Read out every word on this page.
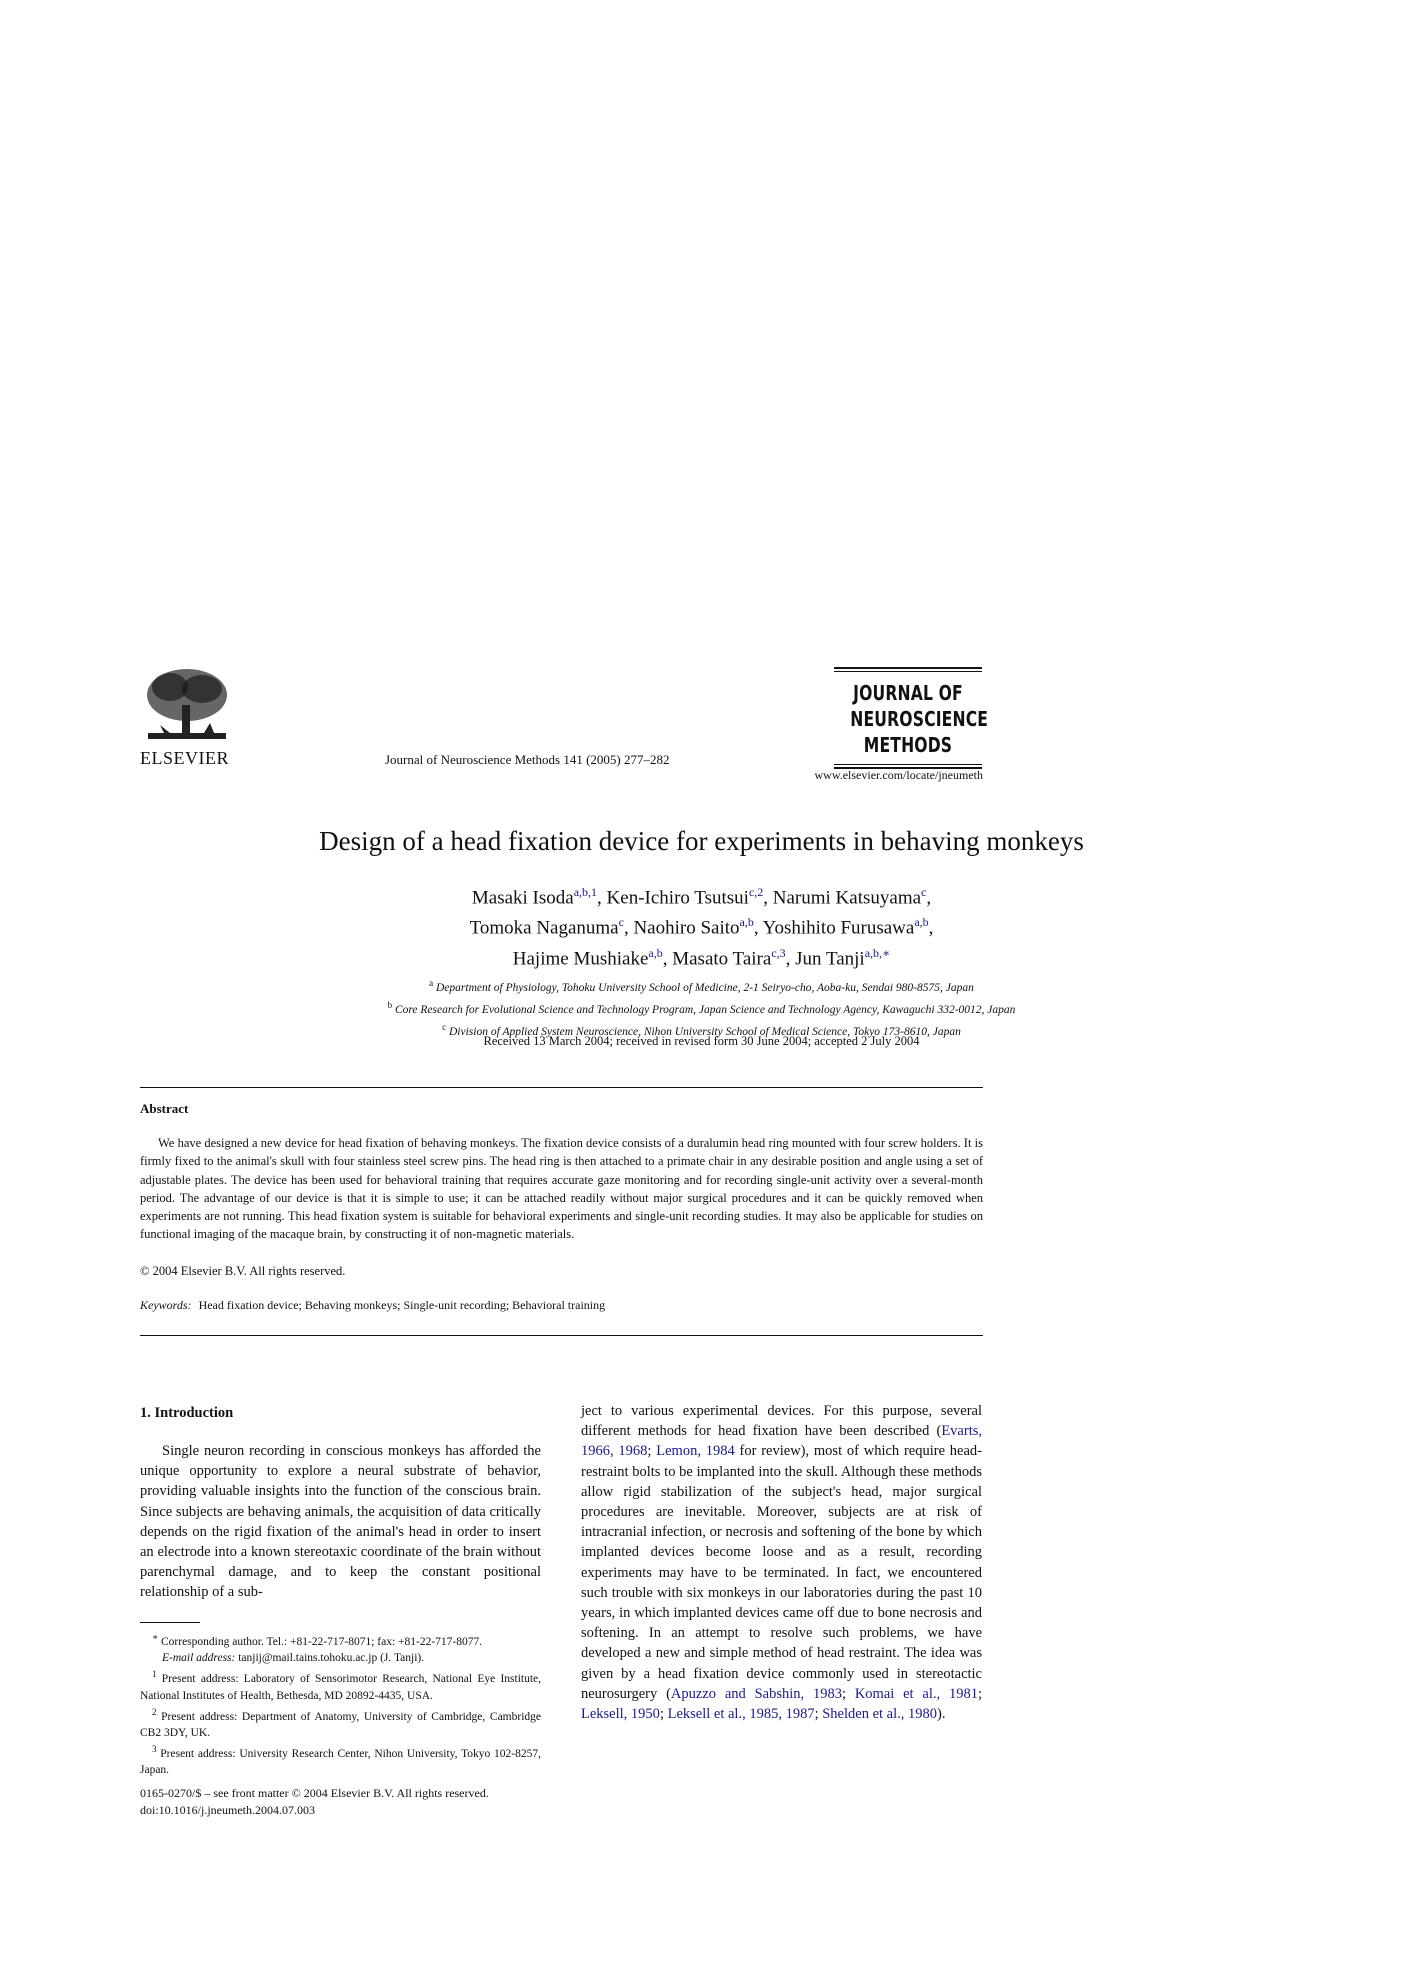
ELSEVIER	Journal of Neuroscience Methods 141 (2005) 277–282
JOURNAL OF
NEUROSCIENCE
METHODS
www.elsevier.com/locate/jneumeth
Design of a head fixation device for experiments in behaving monkeys
Masaki Isoda$^{a,b,1}$, Ken-Ichiro Tsutsui$^{c,2}$, Narumi Katsuyama$^c$,
Tomoka Naganuma$^c$, Naohiro Saito$^{a,b}$, Yoshihito Furusawa$^{a,b}$,
Hajime Mushiake$^{a,b}$, Masato Taira$^{c,3}$, Jun Tanji$^{a,b,∗}$
$^a$ Department of Physiology, Tohoku University School of Medicine, 2-1 Seiryo-cho, Aoba-ku, Sendai 980-8575, Japan
$^b$ Core Research for Evolutional Science and Technology Program, Japan Science and Technology Agency, Kawaguchi 332-0012, Japan
$^c$ Division of Applied System Neuroscience, Nihon University School of Medical Science, Tokyo 173-8610, Japan
Received 13 March 2004; received in revised form 30 June 2004; accepted 2 July 2004
Abstract

We have designed a new device for head fixation of behaving monkeys. The fixation device consists of a duralumin head ring mounted with four screw holders. It is firmly fixed to the animal's skull with four stainless steel screw pins. The head ring is then attached to a primate chair in any desirable position and angle using a set of adjustable plates. The device has been used for behavioral training that requires accurate gaze monitoring and for recording single-unit activity over a several-month period. The advantage of our device is that it is simple to use; it can be attached readily without major surgical procedures and it can be quickly removed when experiments are not running. This head fixation system is suitable for behavioral experiments and single-unit recording studies. It may also be applicable for studies on functional imaging of the macaque brain, by constructing it of non-magnetic materials.

© 2004 Elsevier B.V. All rights reserved.
Keywords: Head fixation device; Behaving monkeys; Single-unit recording; Behavioral training
1. Introduction

Single neuron recording in conscious monkeys has afforded the unique opportunity to explore a neural substrate of behavior, providing valuable insights into the function of the conscious brain. Since subjects are behaving animals, the acquisition of data critically depends on the rigid fixation of the animal's head in order to insert an electrode into a known stereotaxic coordinate of the brain without parenchymal damage, and to keep the constant positional relationship of a sub-

ject to various experimental devices. For this purpose, several different methods for head fixation have been described (Evarts, 1966, 1968; Lemon, 1984 for review), most of which require head-restraint bolts to be implanted into the skull. Although these methods allow rigid stabilization of the subject's head, major surgical procedures are inevitable. Moreover, subjects are at risk of intracranial infection, or necrosis and softening of the bone by which implanted devices become loose and as a result, recording experiments may have to be terminated. In fact, we encountered such trouble with six monkeys in our laboratories during the past 10 years, in which implanted devices came off due to bone necrosis and softening. In an attempt to resolve such problems, we have developed a new and simple method of head restraint. The idea was given by a head fixation device commonly used in stereotactic neurosurgery (Apuzzo and Sabshin, 1983; Komai et al., 1981; Leksell, 1950; Leksell et al., 1985, 1987; Shelden et al., 1980).

∗ Corresponding author. Tel.: +81-22-717-8071; fax: +81-22-717-8077.

E-mail address: tanjij@mail.tains.tohoku.ac.jp (J. Tanji).

$^1$ Present address: Laboratory of Sensorimotor Research, National Eye Institute, National Institutes of Health, Bethesda, MD 20892-4435, USA.

$^2$ Present address: Department of Anatomy, University of Cambridge, Cambridge CB2 3DY, UK.

$^3$ Present address: University Research Center, Nihon University, Tokyo 102-8257, Japan.

0165-0270/$ – see front matter © 2004 Elsevier B.V. All rights reserved.
doi:10.1016/j.jneumeth.2004.07.003
